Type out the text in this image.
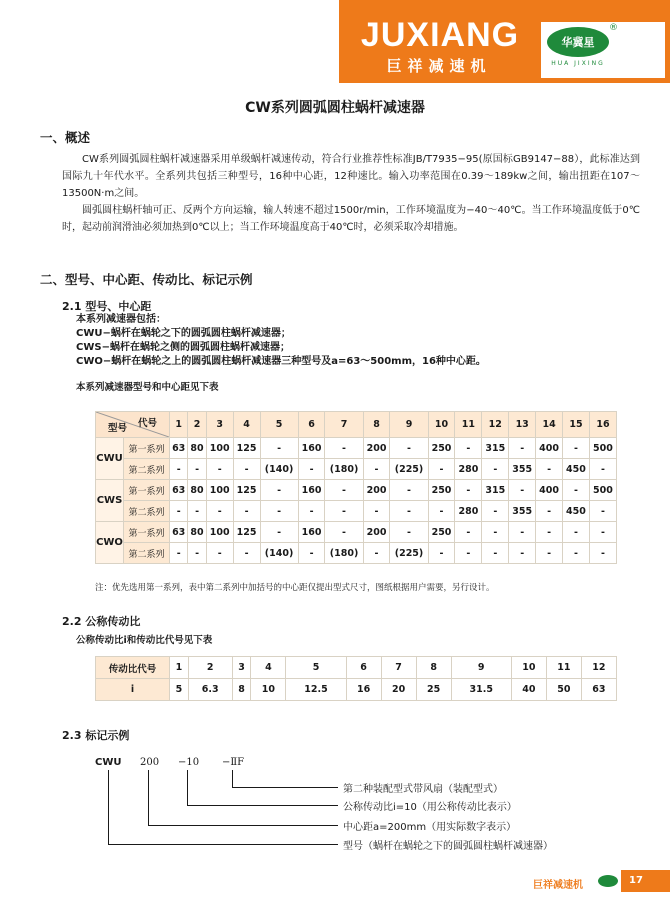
JUXIANG
巨祥减速机
华冀星
®
HUA JIXING
CW系列圆弧圆柱蜗杆减速器
一、概述
CW系列圆弧圆柱蜗杆减速器采用单级蜗杆减速传动，符合行业推荐性标准JB/T7935−95(原国标GB9147−88），此标准达到国际九十年代水平。全系列共包括三种型号，16种中心距，12种速比。输入功率范围在0.39～189kw之间，输出扭距在107～13500N·m之间。
圆弧圆柱蜗杆轴可正、反两个方向运输，输人转速不超过1500r/min，工作环境温度为−40～40℃。当工作环境温度低于0℃时，起动前润滑油必须加热到0℃以上；当工作环境温度高于40℃时，必须采取冷却措施。
二、型号、中心距、传动比、标记示例
2.1 型号、中心距
本系列减速器包括：
CWU−蜗杆在蜗轮之下的圆弧圆柱蜗杆减速器；
CWS−蜗杆在蜗轮之侧的圆弧圆柱蜗杆减速器；
CWO−蜗杆在蜗轮之上的圆弧圆柱蜗杆减速器三种型号及a=63～500mm，16种中心距。
本系列减速器型号和中心距见下表
代号
型号		1	2	3	4	5	6	7	8	9	10	11	12	13	14	15	16
CWU	第一系列	63	80	100	125	-	160	-	200	-	250	-	315	-	400	-	500
	第二系列	-	-	-	-	(140)	-	(180)	-	(225)	-	280	-	355	-	450	-
CWS	第一系列	63	80	100	125	-	160	-	200	-	250	-	315	-	400	-	500
	第二系列	-	-	-	-	-	-	-	-	-	-	280	-	355	-	450	-
CWO	第一系列	63	80	100	125	-	160	-	200	-	250	-	-	-	-	-	-
	第二系列	-	-	-	-	(140)	-	(180)	-	(225)	-	-	-	-	-	-	-
注：优先选用第一系列，表中第二系列中加括号的中心距仅提出型式尺寸，图纸根据用户需要，另行设计。
2.2 公称传动比
公称传动比i和传动比代号见下表
传动比代号	1	2	3	4	5	6	7	8	9	10	11	12
i	5	6.3	8	10	12.5	16	20	25	31.5	40	50	63
2.3 标记示例
CWU 200 −10 −ⅡF
第二种装配型式带风扇（装配型式）
公称传动比i=10（用公称传动比表示）
中心距a=200mm（用实际数字表示）
型号（蜗杆在蜗轮之下的圆弧圆柱蜗杆减速器）
巨祥减速机	17
